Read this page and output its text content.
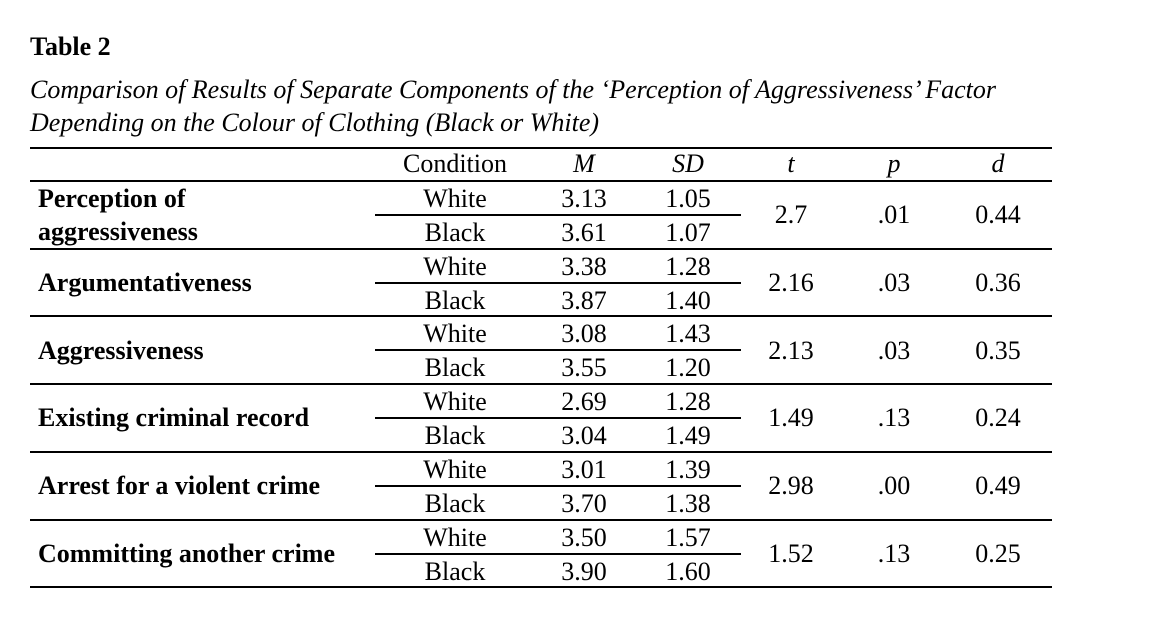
Table 2
Comparison of Results of Separate Components of the ‘Perception of Aggressiveness’ Factor
Depending on the Colour of Clothing (Black or White)
Condition	M	SD	t	p	d
Perception of
aggressiveness
White	3.13 1.05
Black	3.61 1.07
2.7	.01	0.44
Argumentativeness
White	3.38 1.28
Black	3.87 1.40
2.16 .03	0.36
Aggressiveness
White	3.08 1.43
Black	3.55 1.20
2.13 .03	0.35
Existing criminal record
White	2.69 1.28
Black	3.04 1.49
1.49 .13	0.24
Arrest for a violent crime
White	3.01 1.39
Black	3.70 1.38
2.98 .00	0.49
Committing another crime
White	3.50 1.57
Black	3.90 1.60
1.52 .13	0.25
